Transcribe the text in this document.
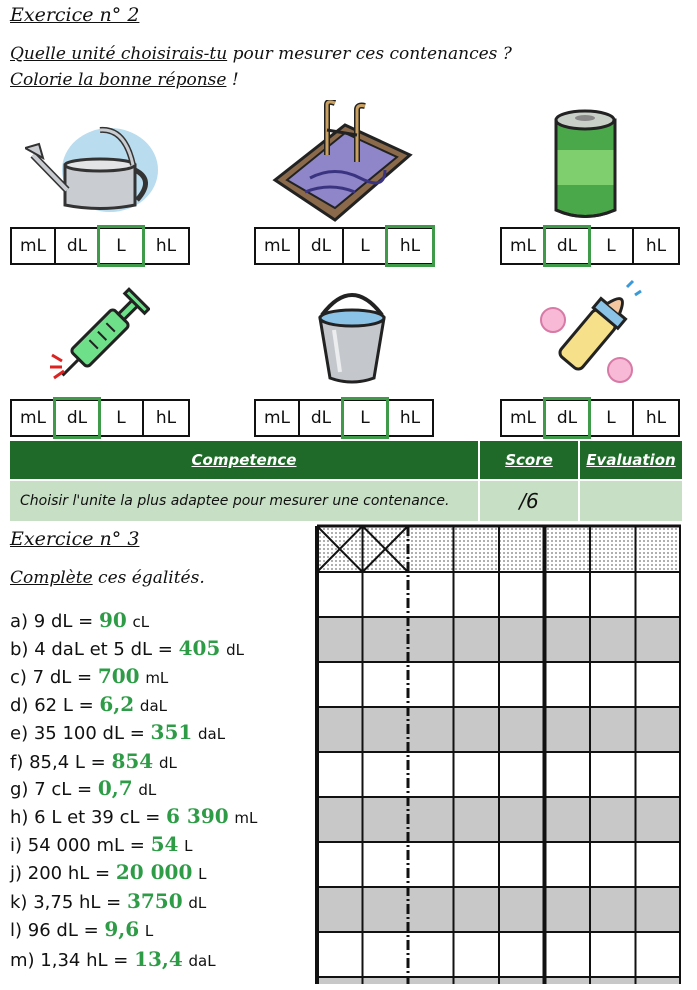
Exercice n° 2
Quelle unité choisirais-tu pour mesurer ces contenances ?
Colorie la bonne réponse !
mL	dL	L	hL	mL	dL	L	hL	mL	dL	L	hL
mL	dL	L	hL	mL	dL	L	hL	mL	dL	L	hL
Competence	Score	Evaluation
Choisir l'unite la plus adaptee pour mesurer une contenance.	/6
Exercice n° 3
Complète ces égalités.
a) 9 dL = 90 cL
b) 4 daL et 5 dL = 405 dL
c) 7 dL = 700 mL
d) 62 L = 6,2 daL
e) 35 100 dL = 351 daL
f) 85,4 L = 854 dL
g) 7 cL = 0,7 dL
h) 6 L et 39 cL = 6 390 mL
i) 54 000 mL = 54 L
j) 200 hL = 20 000 L
k) 3,75 hL = 3750 dL
l) 96 dL = 9,6 L
m) 1,34 hL = 13,4 daL
